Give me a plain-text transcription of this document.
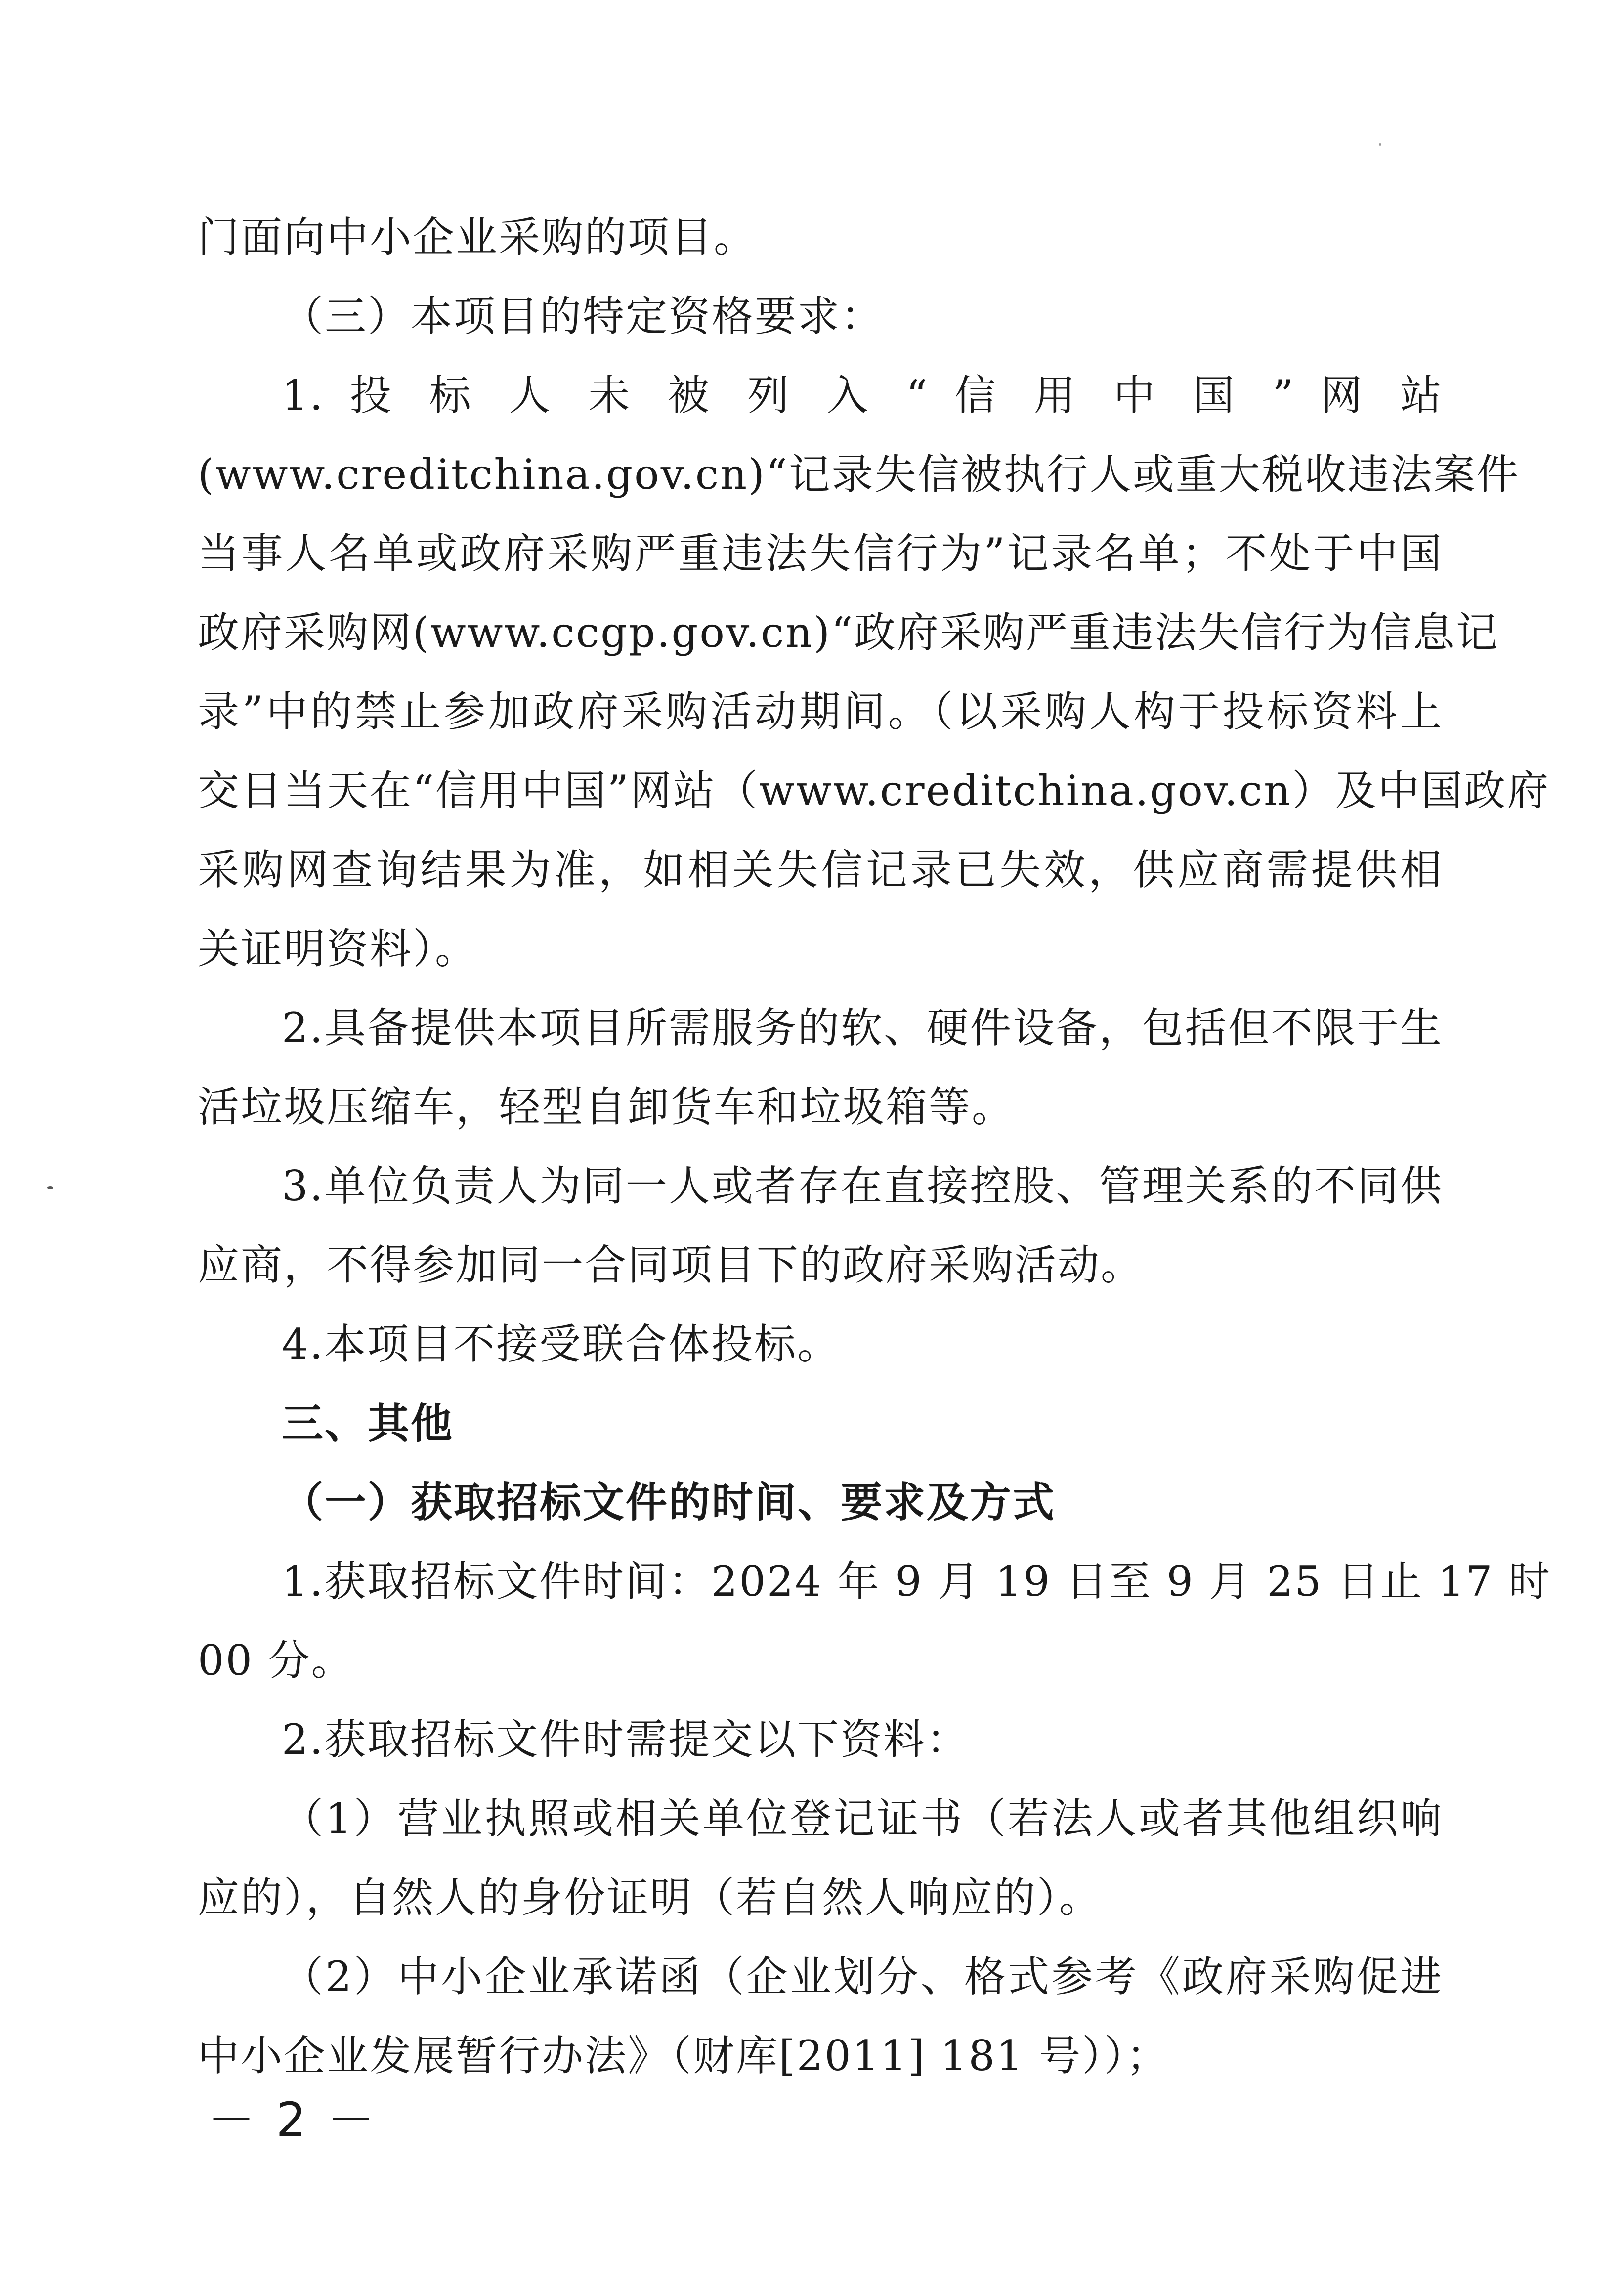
门面向中小企业采购的项目。
（三）本项目的特定资格要求：
1. 投 标 人 未 被 列 入 “ 信 用 中 国 ” 网 站
(www.creditchina.gov.cn)“记录失信被执行人或重大税收违法案件
当事人名单或政府采购严重违法失信行为”记录名单；不处于中国
政府采购网(www.ccgp.gov.cn)“政府采购严重违法失信行为信息记
录”中的禁止参加政府采购活动期间。（以采购人构于投标资料上
交日当天在“信用中国”网站（www.creditchina.gov.cn）及中国政府
采购网查询结果为准，如相关失信记录已失效，供应商需提供相
关证明资料）。
2.具备提供本项目所需服务的软、硬件设备，包括但不限于生
活垃圾压缩车，轻型自卸货车和垃圾箱等。
3.单位负责人为同一人或者存在直接控股、管理关系的不同供
应商，不得参加同一合同项目下的政府采购活动。
4.本项目不接受联合体投标。
三、其他
（一）获取招标文件的时间、要求及方式
1.获取招标文件时间：2024 年 9 月 19 日至 9 月 25 日止 17 时
00 分。
2.获取招标文件时需提交以下资料：
（1）营业执照或相关单位登记证书（若法人或者其他组织响
应的），自然人的身份证明（若自然人响应的）。
（2）中小企业承诺函（企业划分、格式参考《政府采购促进
中小企业发展暂行办法》（财库[2011] 181 号））；
－ 2 －
